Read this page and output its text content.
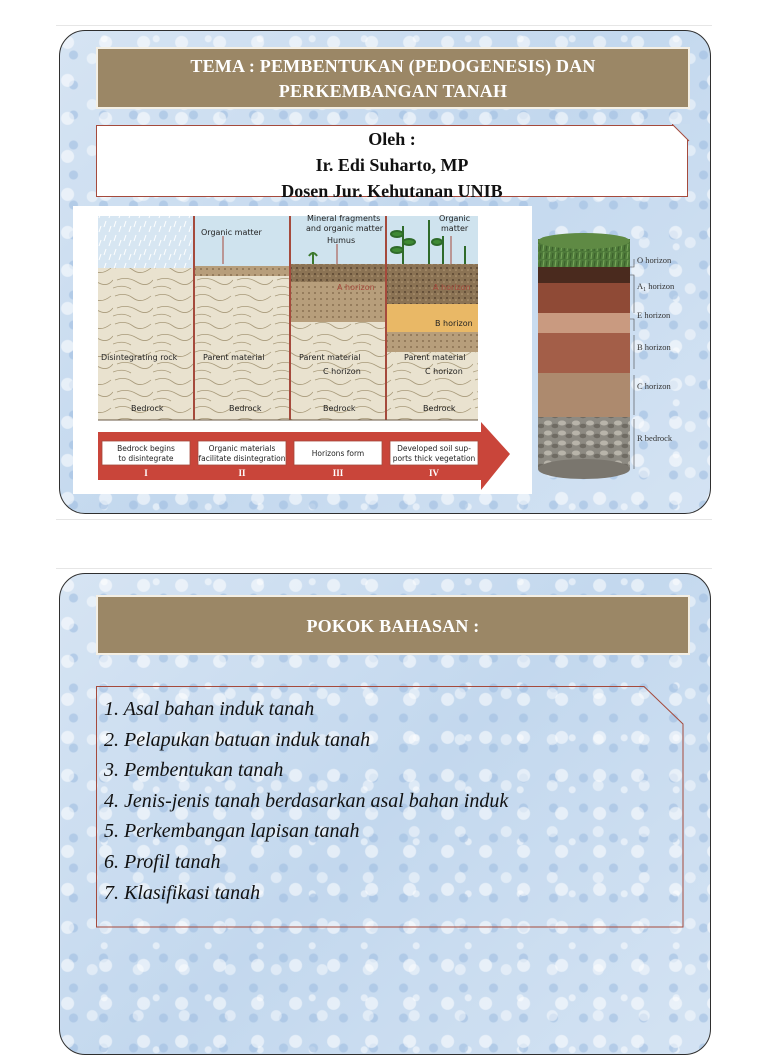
TEMA : PEMBENTUKAN (PEDOGENESIS) DAN
PERKEMBANGAN TANAH
Oleh :
Ir. Edi Suharto, MP
Dosen Jur. Kehutanan UNIB
Organic matter
Mineral fragments
and organic matter
Humus
Organic
matter
A horizon	A horizon
B horizon
Disintegrating rock	Parent material	Parent material	Parent material
C horizon	C horizon
Bedrock	Bedrock	Bedrock	Bedrock
Bedrock begins
to disintegrate
Organic materials
facilitate disintegration
Horizons form
Developed soil sup-
ports thick vegetation
I	II	III	IV
O horizon
$A_1$ horizon
E horizon
B horizon
C horizon
R bedrock
POKOK BAHASAN :
1. Asal bahan induk tanah
2. Pelapukan batuan induk tanah
3. Pembentukan tanah
4. Jenis-jenis tanah berdasarkan asal bahan induk
5. Perkembangan lapisan tanah
6. Profil tanah
7. Klasifikasi tanah
